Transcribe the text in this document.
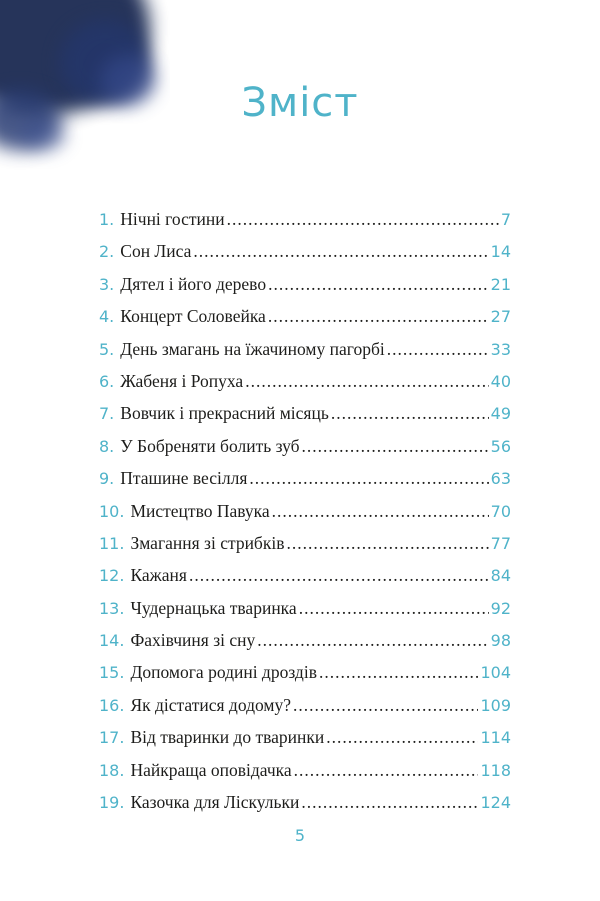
Зміст
1. Нічні гостини .....	7
2. Сон Лиса .....	14
3. Дятел і його дерево .....	21
4. Концерт Соловейка .....	27
5. День змагань на їжачиному пагорбі .....	33
6. Жабеня і Ропуха .....	40
7. Вовчик і прекрасний місяць .....	49
8. У Бобреняти болить зуб .....	56
9. Пташине весілля .....	63
10. Мистецтво Павука .....	70
11. Змагання зі стрибків .....	77
12. Кажаня .....	84
13. Чудернацька тваринка .....	92
14. Фахівчиня зі сну .....	98
15. Допомога родині дроздів .....	104
16. Як дістатися додому? .....	109
17. Від тваринки до тваринки .....	114
18. Найкраща оповідачка .....	118
19. Казочка для Ліскульки .....	124
5
